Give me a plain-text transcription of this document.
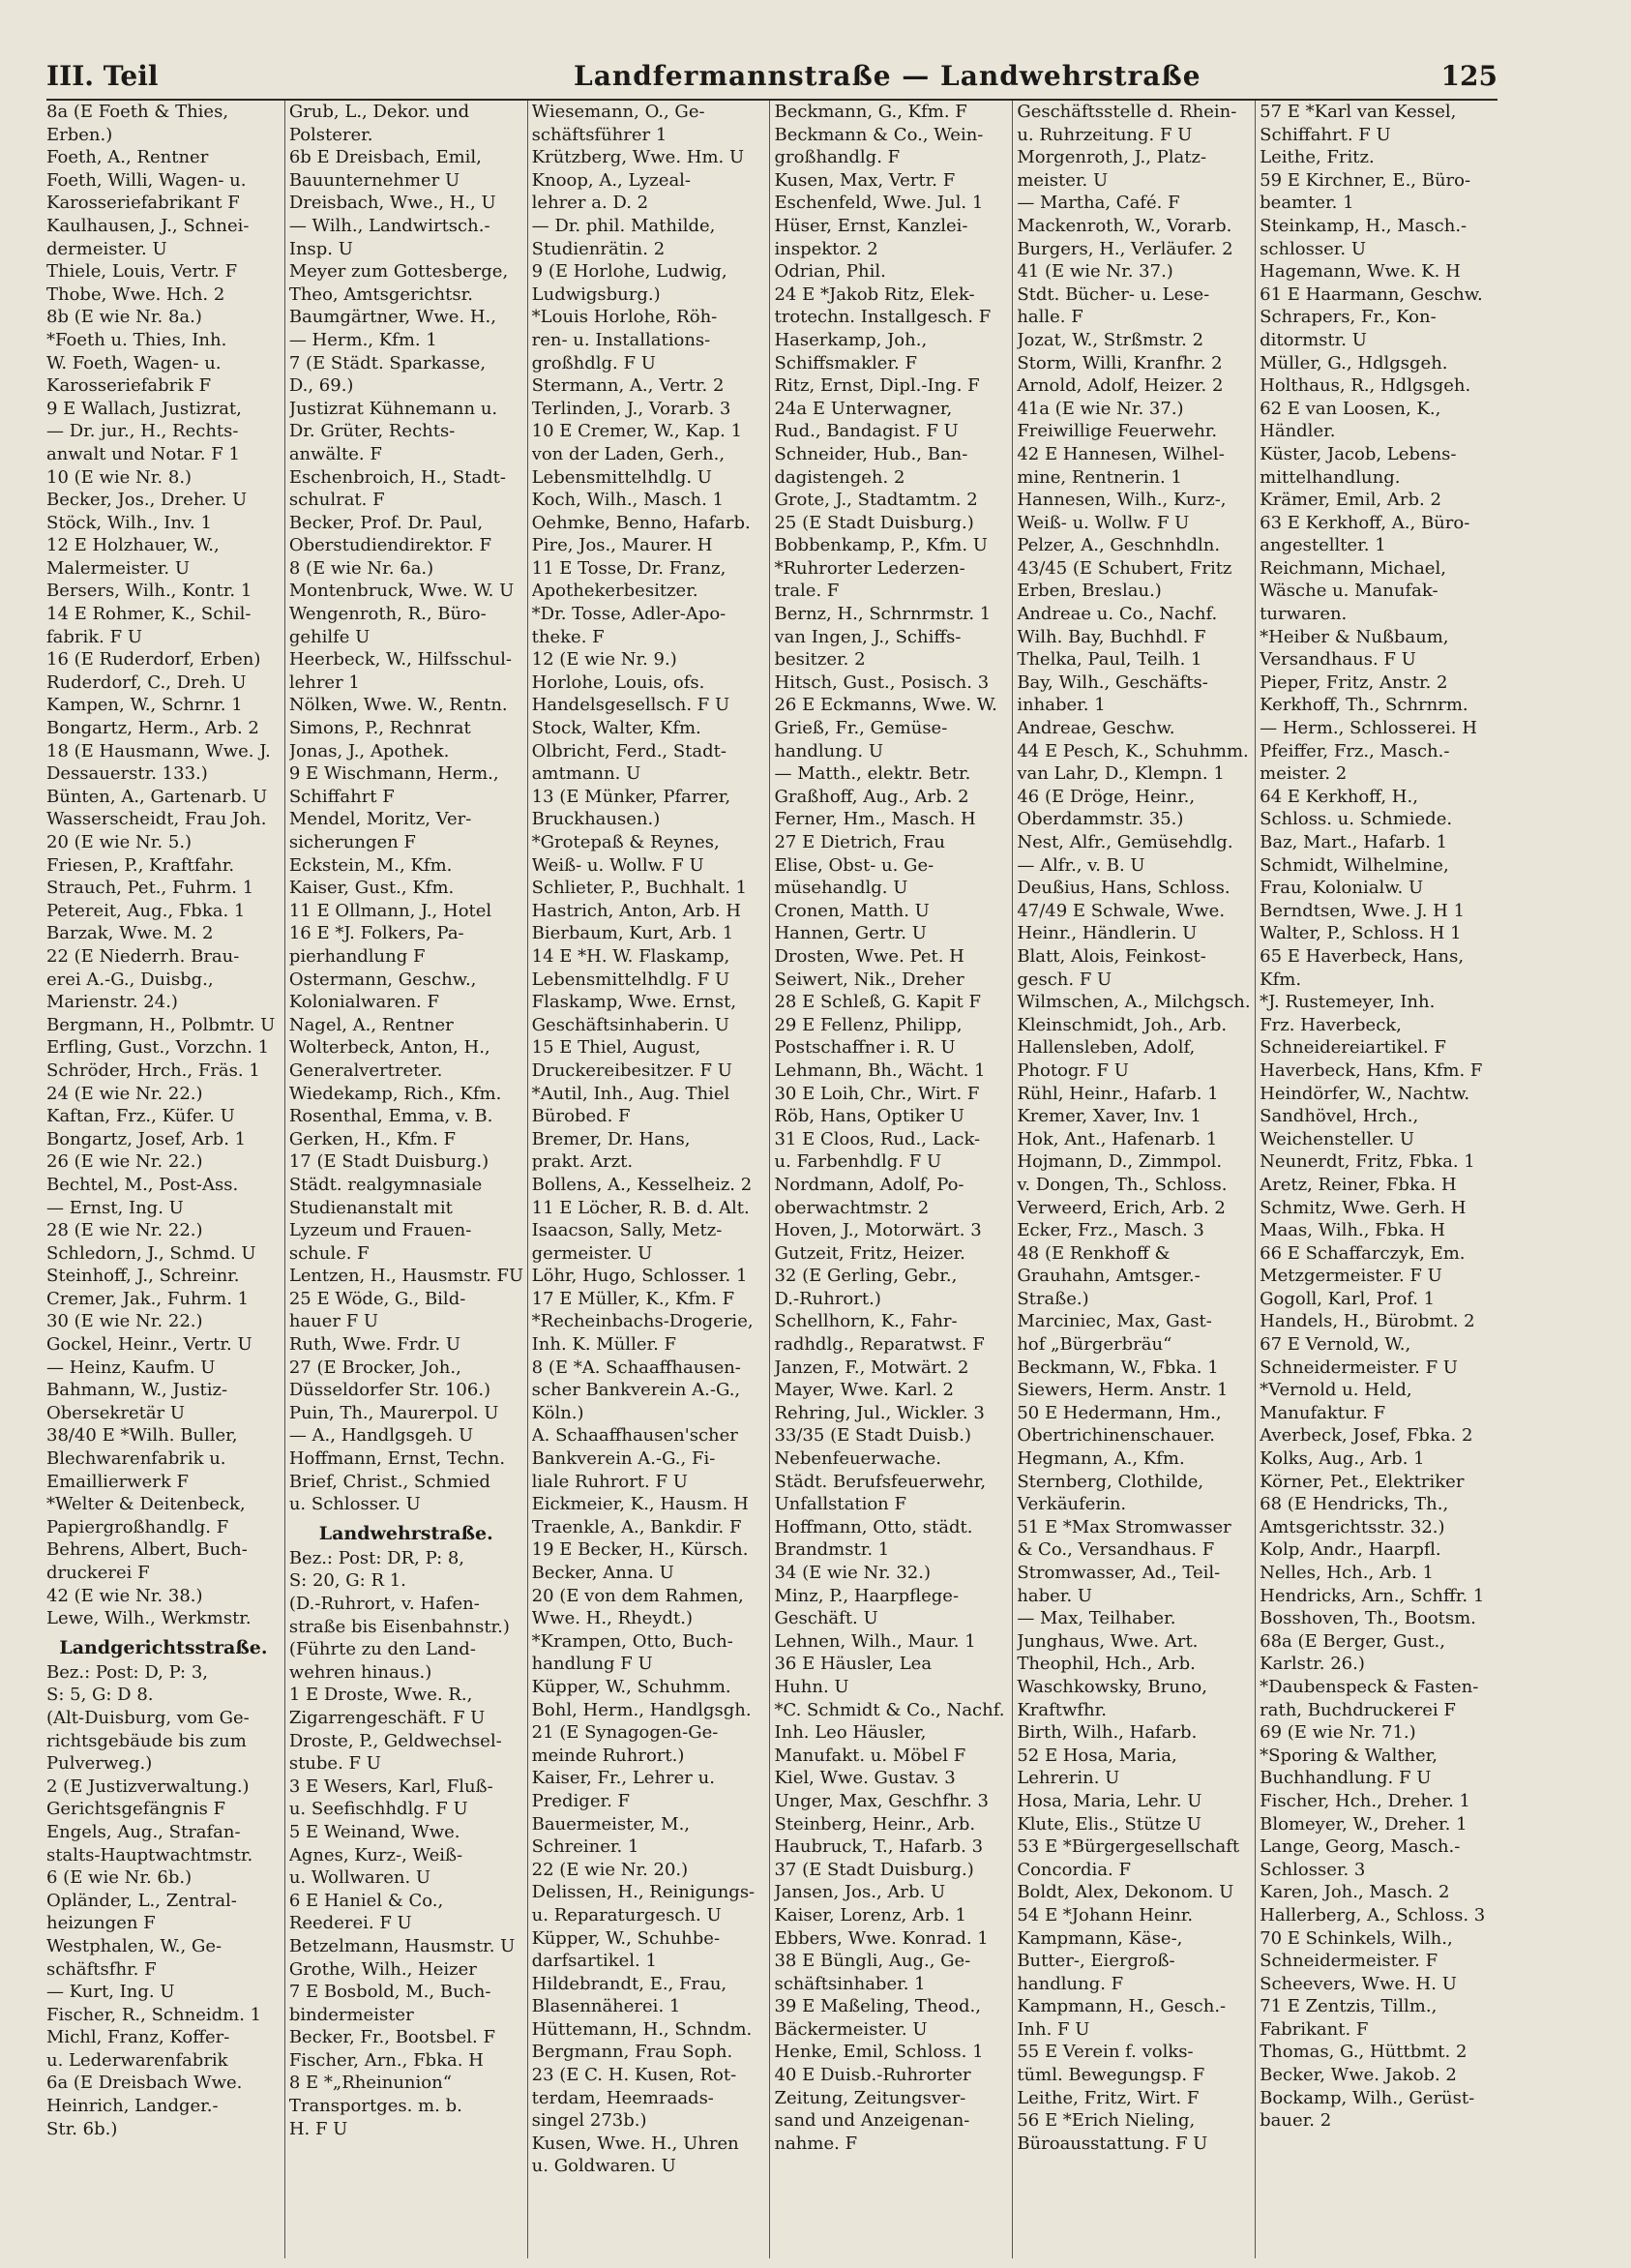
III. Teil	Landfermannstraße — Landwehrstraße	125
8a (E Foeth & Thies,
Erben.)
Foeth, A., Rentner
Foeth, Willi, Wagen- u.
Karosseriefabrikant F
Kaulhausen, J., Schnei-
dermeister. U
Thiele, Louis, Vertr. F
Thobe, Wwe. Hch. 2
8b (E wie Nr. 8a.)
*Foeth u. Thies, Inh.
W. Foeth, Wagen- u.
Karosseriefabrik F
9 E Wallach, Justizrat,
— Dr. jur., H., Rechts-
anwalt und Notar. F 1
10 (E wie Nr. 8.)
Becker, Jos., Dreher. U
Stöck, Wilh., Inv. 1
12 E Holzhauer, W.,
Malermeister. U
Bersers, Wilh., Kontr. 1
14 E Rohmer, K., Schil-
fabrik. F U
16 (E Ruderdorf, Erben)
Ruderdorf, C., Dreh. U
Kampen, W., Schrnr. 1
Bongartz, Herm., Arb. 2
18 (E Hausmann, Wwe. J.
Dessauerstr. 133.)
Bünten, A., Gartenarb. U
Wasserscheidt, Frau Joh.
20 (E wie Nr. 5.)
Friesen, P., Kraftfahr.
Strauch, Pet., Fuhrm. 1
Petereit, Aug., Fbka. 1
Barzak, Wwe. M. 2
22 (E Niederrh. Brau-
erei A.-G., Duisbg.,
Marienstr. 24.)
Bergmann, H., Polbmtr. U
Erfling, Gust., Vorzchn. 1
Schröder, Hrch., Fräs. 1
24 (E wie Nr. 22.)
Kaftan, Frz., Küfer. U
Bongartz, Josef, Arb. 1
26 (E wie Nr. 22.)
Bechtel, M., Post-Ass.
— Ernst, Ing. U
28 (E wie Nr. 22.)
Schledorn, J., Schmd. U
Steinhoff, J., Schreinr.
Cremer, Jak., Fuhrm. 1
30 (E wie Nr. 22.)
Gockel, Heinr., Vertr. U
— Heinz, Kaufm. U
Bahmann, W., Justiz-
Obersekretär U
38/40 E *Wilh. Buller,
Blechwarenfabrik u.
Emaillierwerk F
*Welter & Deitenbeck,
Papiergroßhandlg. F
Behrens, Albert, Buch-
druckerei F
42 (E wie Nr. 38.)
Lewe, Wilh., Werkmstr.
Landgerichtsstraße.
Bez.: Post: D, P: 3,
S: 5, G: D 8.
(Alt-Duisburg, vom Ge-
richtsgebäude bis zum
Pulverweg.)
2 (E Justizverwaltung.)
Gerichtsgefängnis F
Engels, Aug., Strafan-
stalts-Hauptwachtmstr.
6 (E wie Nr. 6b.)
Opländer, L., Zentral-
heizungen F
Westphalen, W., Ge-
schäftsfhr. F
— Kurt, Ing. U
Fischer, R., Schneidm. 1
Michl, Franz, Koffer-
u. Lederwarenfabrik
6a (E Dreisbach Wwe.
Heinrich, Landger.-
Str. 6b.)
Grub, L., Dekor. und
Polsterer.
6b E Dreisbach, Emil,
Bauunternehmer U
Dreisbach, Wwe., H., U
— Wilh., Landwirtsch.-
Insp. U
Meyer zum Gottesberge,
Theo, Amtsgerichtsr.
Baumgärtner, Wwe. H.,
— Herm., Kfm. 1
7 (E Städt. Sparkasse,
D., 69.)
Justizrat Kühnemann u.
Dr. Grüter, Rechts-
anwälte. F
Eschenbroich, H., Stadt-
schulrat. F
Becker, Prof. Dr. Paul,
Oberstudiendirektor. F
8 (E wie Nr. 6a.)
Montenbruck, Wwe. W. U
Wengenroth, R., Büro-
gehilfe U
Heerbeck, W., Hilfsschul-
lehrer 1
Nölken, Wwe. W., Rentn.
Simons, P., Rechnrat
Jonas, J., Apothek.
9 E Wischmann, Herm.,
Schiffahrt F
Mendel, Moritz, Ver-
sicherungen F
Eckstein, M., Kfm.
Kaiser, Gust., Kfm.
11 E Ollmann, J., Hotel
16 E *J. Folkers, Pa-
pierhandlung F
Ostermann, Geschw.,
Kolonialwaren. F
Nagel, A., Rentner
Wolterbeck, Anton, H.,
Generalvertreter.
Wiedekamp, Rich., Kfm.
Rosenthal, Emma, v. B.
Gerken, H., Kfm. F
17 (E Stadt Duisburg.)
Städt. realgymnasiale
Studienanstalt mit
Lyzeum und Frauen-
schule. F
Lentzen, H., Hausmstr. FU
25 E Wöde, G., Bild-
hauer F U
Ruth, Wwe. Frdr. U
27 (E Brocker, Joh.,
Düsseldorfer Str. 106.)
Puin, Th., Maurerpol. U
— A., Handlgsgeh. U
Hoffmann, Ernst, Techn.
Brief, Christ., Schmied
u. Schlosser. U
Landwehrstraße.
Bez.: Post: DR, P: 8,
S: 20, G: R 1.
(D.-Ruhrort, v. Hafen-
straße bis Eisenbahnstr.)
(Führte zu den Land-
wehren hinaus.)
1 E Droste, Wwe. R.,
Zigarrengeschäft. F U
Droste, P., Geldwechsel-
stube. F U
3 E Wesers, Karl, Fluß-
u. Seefischhdlg. F U
5 E Weinand, Wwe.
Agnes, Kurz-, Weiß-
u. Wollwaren. U
6 E Haniel & Co.,
Reederei. F U
Betzelmann, Hausmstr. U
Grothe, Wilh., Heizer
7 E Bosbold, M., Buch-
bindermeister
Becker, Fr., Bootsbel. F
Fischer, Arn., Fbka. H
8 E *„Rheinunion“
Transportges. m. b.
H. F U
Wiesemann, O., Ge-
schäftsführer 1
Krützberg, Wwe. Hm. U
Knoop, A., Lyzeal-
lehrer a. D. 2
— Dr. phil. Mathilde,
Studienrätin. 2
9 (E Horlohe, Ludwig,
Ludwigsburg.)
*Louis Horlohe, Röh-
ren- u. Installations-
großhdlg. F U
Stermann, A., Vertr. 2
Terlinden, J., Vorarb. 3
10 E Cremer, W., Kap. 1
von der Laden, Gerh.,
Lebensmittelhdlg. U
Koch, Wilh., Masch. 1
Oehmke, Benno, Hafarb.
Pire, Jos., Maurer. H
11 E Tosse, Dr. Franz,
Apothekerbesitzer.
*Dr. Tosse, Adler-Apo-
theke. F
12 (E wie Nr. 9.)
Horlohe, Louis, ofs.
Handelsgesellsch. F U
Stock, Walter, Kfm.
Olbricht, Ferd., Stadt-
amtmann. U
13 (E Münker, Pfarrer,
Bruckhausen.)
*Grotepaß & Reynes,
Weiß- u. Wollw. F U
Schlieter, P., Buchhalt. 1
Hastrich, Anton, Arb. H
Bierbaum, Kurt, Arb. 1
14 E *H. W. Flaskamp,
Lebensmittelhdlg. F U
Flaskamp, Wwe. Ernst,
Geschäftsinhaberin. U
15 E Thiel, August,
Druckereibesitzer. F U
*Autil, Inh., Aug. Thiel
Bürobed. F
Bremer, Dr. Hans,
prakt. Arzt.
Bollens, A., Kesselheiz. 2
11 E Löcher, R. B. d. Alt.
Isaacson, Sally, Metz-
germeister. U
Löhr, Hugo, Schlosser. 1
17 E Müller, K., Kfm. F
*Recheinbachs-Drogerie,
Inh. K. Müller. F
8 (E *A. Schaaffhausen-
scher Bankverein A.-G.,
Köln.)
A. Schaaffhausen'scher
Bankverein A.-G., Fi-
liale Ruhrort. F U
Eickmeier, K., Hausm. H
Traenkle, A., Bankdir. F
19 E Becker, H., Kürsch.
Becker, Anna. U
20 (E von dem Rahmen,
Wwe. H., Rheydt.)
*Krampen, Otto, Buch-
handlung F U
Küpper, W., Schuhmm.
Bohl, Herm., Handlgsgh.
21 (E Synagogen-Ge-
meinde Ruhrort.)
Kaiser, Fr., Lehrer u.
Prediger. F
Bauermeister, M.,
Schreiner. 1
22 (E wie Nr. 20.)
Delissen, H., Reinigungs-
u. Reparaturgesch. U
Küpper, W., Schuhbe-
darfsartikel. 1
Hildebrandt, E., Frau,
Blasennäherei. 1
Hüttemann, H., Schndm.
Bergmann, Frau Soph.
23 (E C. H. Kusen, Rot-
terdam, Heemraads-
singel 273b.)
Kusen, Wwe. H., Uhren
u. Goldwaren. U
Beckmann, G., Kfm. F
Beckmann & Co., Wein-
großhandlg. F
Kusen, Max, Vertr. F
Eschenfeld, Wwe. Jul. 1
Hüser, Ernst, Kanzlei-
inspektor. 2
Odrian, Phil.
24 E *Jakob Ritz, Elek-
trotechn. Installgesch. F
Haserkamp, Joh.,
Schiffsmakler. F
Ritz, Ernst, Dipl.-Ing. F
24a E Unterwagner,
Rud., Bandagist. F U
Schneider, Hub., Ban-
dagistengeh. 2
Grote, J., Stadtamtm. 2
25 (E Stadt Duisburg.)
Bobbenkamp, P., Kfm. U
*Ruhrorter Lederzen-
trale. F
Bernz, H., Schrnrmstr. 1
van Ingen, J., Schiffs-
besitzer. 2
Hitsch, Gust., Posisch. 3
26 E Eckmanns, Wwe. W.
Grieß, Fr., Gemüse-
handlung. U
— Matth., elektr. Betr.
Graßhoff, Aug., Arb. 2
Ferner, Hm., Masch. H
27 E Dietrich, Frau
Elise, Obst- u. Ge-
müsehandlg. U
Cronen, Matth. U
Hannen, Gertr. U
Drosten, Wwe. Pet. H
Seiwert, Nik., Dreher
28 E Schleß, G. Kapit F
29 E Fellenz, Philipp,
Postschaffner i. R. U
Lehmann, Bh., Wächt. 1
30 E Loih, Chr., Wirt. F
Röb, Hans, Optiker U
31 E Cloos, Rud., Lack-
u. Farbenhdlg. F U
Nordmann, Adolf, Po-
oberwachtmstr. 2
Hoven, J., Motorwärt. 3
Gutzeit, Fritz, Heizer.
32 (E Gerling, Gebr.,
D.-Ruhrort.)
Schellhorn, K., Fahr-
radhdlg., Reparatwst. F
Janzen, F., Motwärt. 2
Mayer, Wwe. Karl. 2
Rehring, Jul., Wickler. 3
33/35 (E Stadt Duisb.)
Nebenfeuerwache.
Städt. Berufsfeuerwehr,
Unfallstation F
Hoffmann, Otto, städt.
Brandmstr. 1
34 (E wie Nr. 32.)
Minz, P., Haarpflege-
Geschäft. U
Lehnen, Wilh., Maur. 1
36 E Häusler, Lea
Huhn. U
*C. Schmidt & Co., Nachf.
Inh. Leo Häusler,
Manufakt. u. Möbel F
Kiel, Wwe. Gustav. 3
Unger, Max, Geschfhr. 3
Steinberg, Heinr., Arb.
Haubruck, T., Hafarb. 3
37 (E Stadt Duisburg.)
Jansen, Jos., Arb. U
Kaiser, Lorenz, Arb. 1
Ebbers, Wwe. Konrad. 1
38 E Büngli, Aug., Ge-
schäftsinhaber. 1
39 E Maßeling, Theod.,
Bäckermeister. U
Henke, Emil, Schloss. 1
40 E Duisb.-Ruhrorter
Zeitung, Zeitungsver-
sand und Anzeigenan-
nahme. F
Geschäftsstelle d. Rhein-
u. Ruhrzeitung. F U
Morgenroth, J., Platz-
meister. U
— Martha, Café. F
Mackenroth, W., Vorarb.
Burgers, H., Verläufer. 2
41 (E wie Nr. 37.)
Stdt. Bücher- u. Lese-
halle. F
Jozat, W., Strßmstr. 2
Storm, Willi, Kranfhr. 2
Arnold, Adolf, Heizer. 2
41a (E wie Nr. 37.)
Freiwillige Feuerwehr.
42 E Hannesen, Wilhel-
mine, Rentnerin. 1
Hannesen, Wilh., Kurz-,
Weiß- u. Wollw. F U
Pelzer, A., Geschnhdln.
43/45 (E Schubert, Fritz
Erben, Breslau.)
Andreae u. Co., Nachf.
Wilh. Bay, Buchhdl. F
Thelka, Paul, Teilh. 1
Bay, Wilh., Geschäfts-
inhaber. 1
Andreae, Geschw.
44 E Pesch, K., Schuhmm.
van Lahr, D., Klempn. 1
46 (E Dröge, Heinr.,
Oberdammstr. 35.)
Nest, Alfr., Gemüsehdlg.
— Alfr., v. B. U
Deußius, Hans, Schloss.
47/49 E Schwale, Wwe.
Heinr., Händlerin. U
Blatt, Alois, Feinkost-
gesch. F U
Wilmschen, A., Milchgsch.
Kleinschmidt, Joh., Arb.
Hallensleben, Adolf,
Photogr. F U
Rühl, Heinr., Hafarb. 1
Kremer, Xaver, Inv. 1
Hok, Ant., Hafenarb. 1
Hojmann, D., Zimmpol.
v. Dongen, Th., Schloss.
Verweerd, Erich, Arb. 2
Ecker, Frz., Masch. 3
48 (E Renkhoff &
Grauhahn, Amtsger.-
Straße.)
Marciniec, Max, Gast-
hof „Bürgerbräu“
Beckmann, W., Fbka. 1
Siewers, Herm. Anstr. 1
50 E Hedermann, Hm.,
Obertrichinenschauer.
Hegmann, A., Kfm.
Sternberg, Clothilde,
Verkäuferin.
51 E *Max Stromwasser
& Co., Versandhaus. F
Stromwasser, Ad., Teil-
haber. U
— Max, Teilhaber.
Junghaus, Wwe. Art.
Theophil, Hch., Arb.
Waschkowsky, Bruno,
Kraftwfhr.
Birth, Wilh., Hafarb.
52 E Hosa, Maria,
Lehrerin. U
Hosa, Maria, Lehr. U
Klute, Elis., Stütze U
53 E *Bürgergesellschaft
Concordia. F
Boldt, Alex, Dekonom. U
54 E *Johann Heinr.
Kampmann, Käse-,
Butter-, Eiergroß-
handlung. F
Kampmann, H., Gesch.-
Inh. F U
55 E Verein f. volks-
tüml. Bewegungsp. F
Leithe, Fritz, Wirt. F
56 E *Erich Nieling,
Büroausstattung. F U
57 E *Karl van Kessel,
Schiffahrt. F U
Leithe, Fritz.
59 E Kirchner, E., Büro-
beamter. 1
Steinkamp, H., Masch.-
schlosser. U
Hagemann, Wwe. K. H
61 E Haarmann, Geschw.
Schrapers, Fr., Kon-
ditormstr. U
Müller, G., Hdlgsgeh.
Holthaus, R., Hdlgsgeh.
62 E van Loosen, K.,
Händler.
Küster, Jacob, Lebens-
mittelhandlung.
Krämer, Emil, Arb. 2
63 E Kerkhoff, A., Büro-
angestellter. 1
Reichmann, Michael,
Wäsche u. Manufak-
turwaren.
*Heiber & Nußbaum,
Versandhaus. F U
Pieper, Fritz, Anstr. 2
Kerkhoff, Th., Schrnrm.
— Herm., Schlosserei. H
Pfeiffer, Frz., Masch.-
meister. 2
64 E Kerkhoff, H.,
Schloss. u. Schmiede.
Baz, Mart., Hafarb. 1
Schmidt, Wilhelmine,
Frau, Kolonialw. U
Berndtsen, Wwe. J. H 1
Walter, P., Schloss. H 1
65 E Haverbeck, Hans,
Kfm.
*J. Rustemeyer, Inh.
Frz. Haverbeck,
Schneidereiartikel. F
Haverbeck, Hans, Kfm. F
Heindörfer, W., Nachtw.
Sandhövel, Hrch.,
Weichensteller. U
Neunerdt, Fritz, Fbka. 1
Aretz, Reiner, Fbka. H
Schmitz, Wwe. Gerh. H
Maas, Wilh., Fbka. H
66 E Schaffarczyk, Em.
Metzgermeister. F U
Gogoll, Karl, Prof. 1
Handels, H., Bürobmt. 2
67 E Vernold, W.,
Schneidermeister. F U
*Vernold u. Held,
Manufaktur. F
Averbeck, Josef, Fbka. 2
Kolks, Aug., Arb. 1
Körner, Pet., Elektriker
68 (E Hendricks, Th.,
Amtsgerichtsstr. 32.)
Kolp, Andr., Haarpfl.
Nelles, Hch., Arb. 1
Hendricks, Arn., Schffr. 1
Bosshoven, Th., Bootsm.
68a (E Berger, Gust.,
Karlstr. 26.)
*Daubenspeck & Fasten-
rath, Buchdruckerei F
69 (E wie Nr. 71.)
*Sporing & Walther,
Buchhandlung. F U
Fischer, Hch., Dreher. 1
Blomeyer, W., Dreher. 1
Lange, Georg, Masch.-
Schlosser. 3
Karen, Joh., Masch. 2
Hallerberg, A., Schloss. 3
70 E Schinkels, Wilh.,
Schneidermeister. F
Scheevers, Wwe. H. U
71 E Zentzis, Tillm.,
Fabrikant. F
Thomas, G., Hüttbmt. 2
Becker, Wwe. Jakob. 2
Bockamp, Wilh., Gerüst-
bauer. 2
